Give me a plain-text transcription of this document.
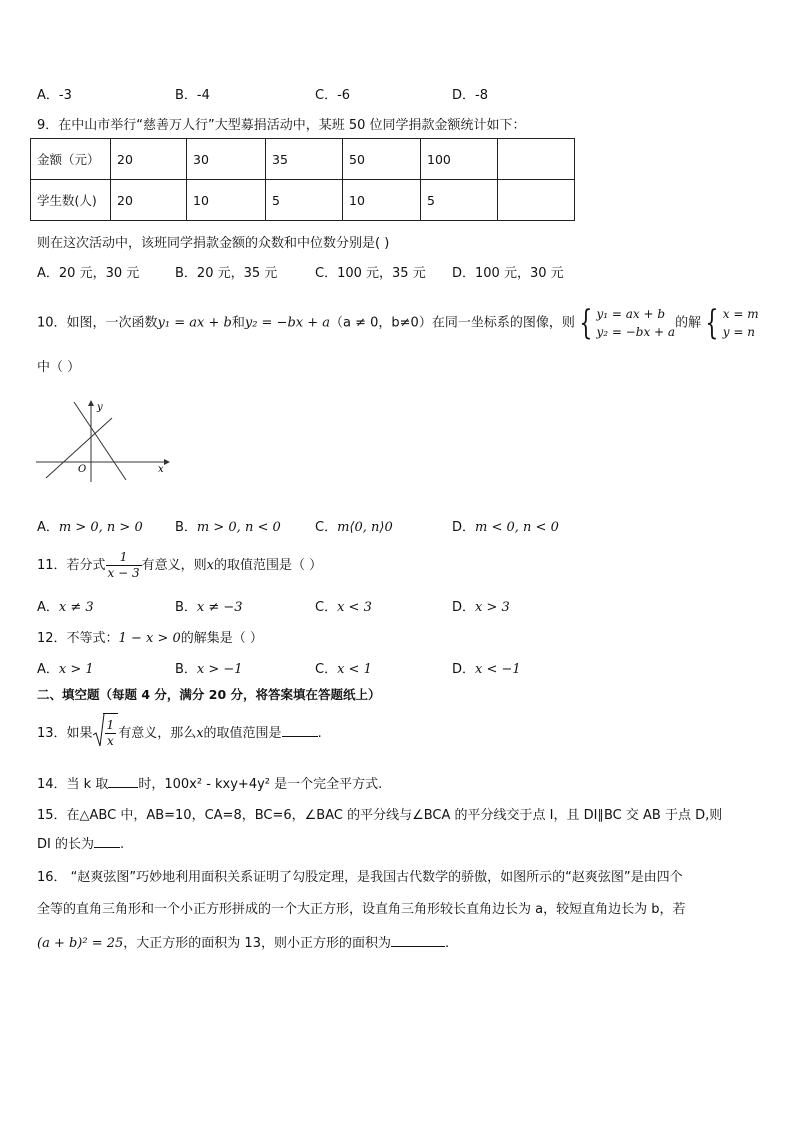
A．-3	B．-4	C．-6	D．-8
9．在中山市举行“慈善万人行”大型募捐活动中，某班 50 位同学捐款金额统计如下：
金额（元）	20	30	35	50	100	
学生数(人)	20	10	5	10	5	
则在这次活动中，该班同学捐款金额的众数和中位数分别是( )
A．20 元，30 元	B．20 元，35 元	C．100 元，35 元 D．100 元，30 元
10．如图，一次函数y₁ = ax + b和y₂ = −bx + a（a ≠ 0，b≠0）在同一坐标系的图像，则 { y₁ = ax + b
y₂ = −bx + a
的解 { x = m
y = n
中（ ）
y
x
O
A．m > 0, n > 0 B．m > 0, n < 0	C．m⟨0, n⟩0	D．m < 0, n < 0
11．若分式 $\frac{1}{x - 3}$ 有意义，则x的取值范围是（ ）
A．x ≠ 3	B．x ≠ −3	C．x < 3	D．x > 3
12．不等式：1 − x > 0的解集是（ ）
A．x > 1	B．x > −1	C．x < 1	D．x < −1
二、填空题（每题 4 分，满分 20 分，将答案填在答题纸上）
13．如果 $\frac{1}{x}$ 有意义，那么x的取值范围是	.
14．当 k 取 时，100x² - kxy+4y² 是一个完全平方式.
15．在△ABC 中，AB=10，CA=8，BC=6，∠BAC 的平分线与∠BCA 的平分线交于点 I，且 DI∥BC 交 AB 于点 D,则
DI 的长为 .
16． “赵爽弦图”巧妙地利用面积关系证明了勾股定理，是我国古代数学的骄傲，如图所示的“赵爽弦图”是由四个
全等的直角三角形和一个小正方形拼成的一个大正方形，设直角三角形较长直角边长为 a，较短直角边长为 b，若
(a + b)² = 25，大正方形的面积为 13，则小正方形的面积为	.
